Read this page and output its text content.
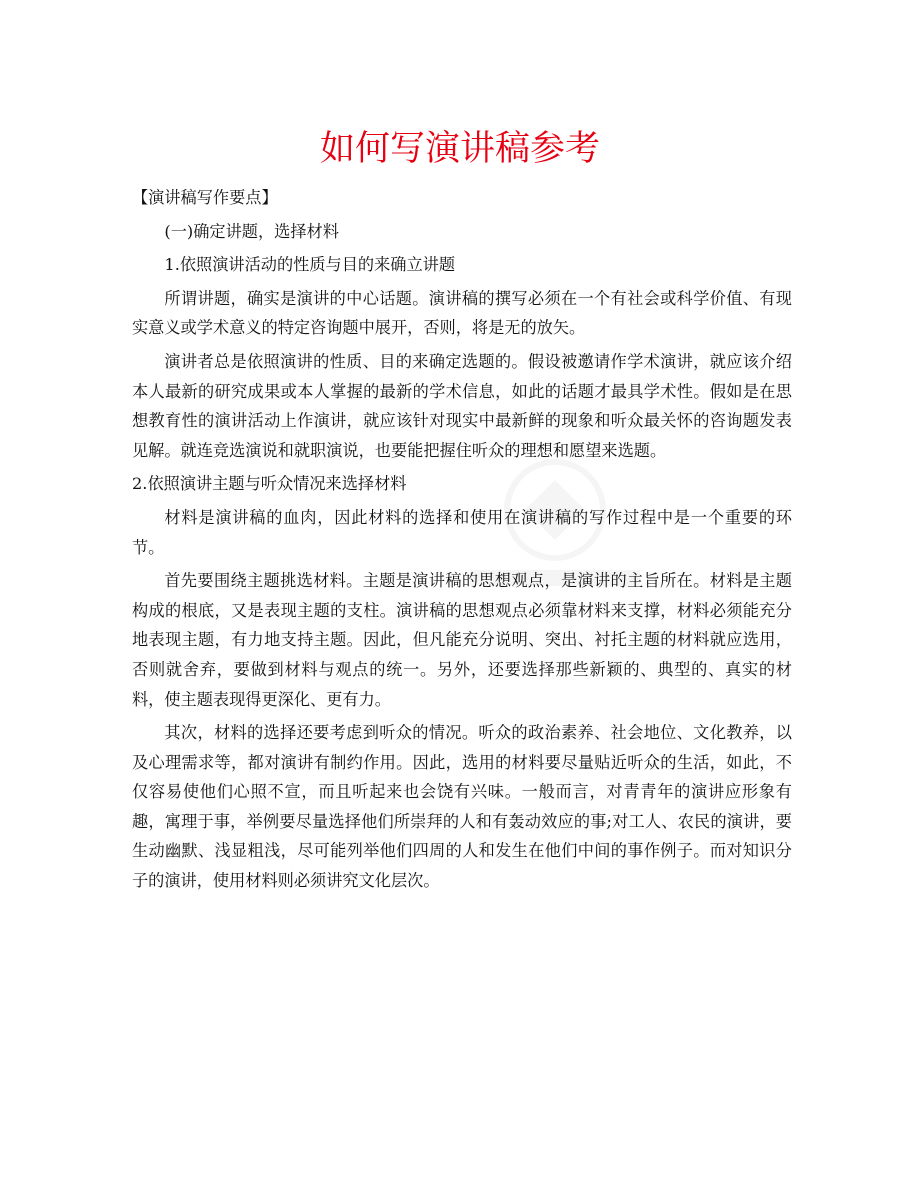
如何写演讲稿参考

【演讲稿写作要点】

(一)确定讲题，选择材料

1.依照演讲活动的性质与目的来确立讲题

所谓讲题，确实是演讲的中心话题。演讲稿的撰写必须在一个有社会或科学价值、有现实意义或学术意义的特定咨询题中展开，否则，将是无的放矢。

演讲者总是依照演讲的性质、目的来确定选题的。假设被邀请作学术演讲，就应该介绍本人最新的研究成果或本人掌握的最新的学术信息，如此的话题才最具学术性。假如是在思想教育性的演讲活动上作演讲，就应该针对现实中最新鲜的现象和听众最关怀的咨询题发表见解。就连竞选演说和就职演说，也要能把握住听众的理想和愿望来选题。

2.依照演讲主题与听众情况来选择材料

材料是演讲稿的血肉，因此材料的选择和使用在演讲稿的写作过程中是一个重要的环节。

首先要围绕主题挑选材料。主题是演讲稿的思想观点，是演讲的主旨所在。材料是主题构成的根底，又是表现主题的支柱。演讲稿的思想观点必须靠材料来支撑，材料必须能充分地表现主题，有力地支持主题。因此，但凡能充分说明、突出、衬托主题的材料就应选用，否则就舍弃，要做到材料与观点的统一。另外，还要选择那些新颖的、典型的、真实的材料，使主题表现得更深化、更有力。

其次，材料的选择还要考虑到听众的情况。听众的政治素养、社会地位、文化教养，以及心理需求等，都对演讲有制约作用。因此，选用的材料要尽量贴近听众的生活，如此，不仅容易使他们心照不宣，而且听起来也会饶有兴味。一般而言，对青青年的演讲应形象有趣，寓理于事，举例要尽量选择他们所崇拜的人和有轰动效应的事;对工人、农民的演讲，要生动幽默、浅显粗浅，尽可能列举他们四周的人和发生在他们中间的事作例子。而对知识分子的演讲，使用材料则必须讲究文化层次。
